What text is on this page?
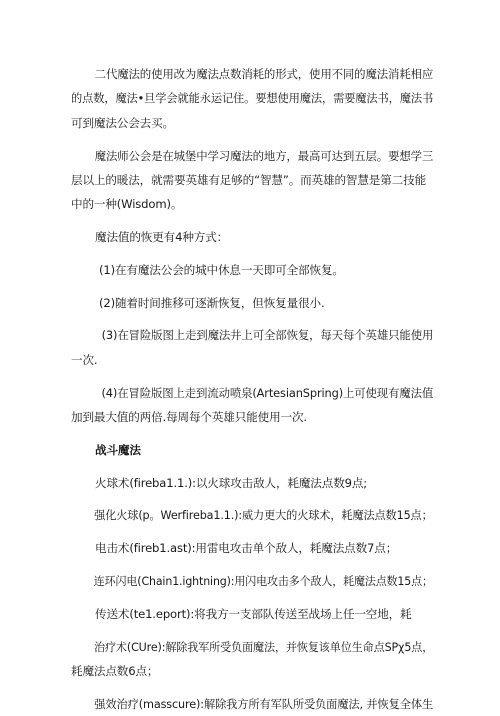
二代魔法的使用改为魔法点数消耗的形式，使用不同的魔法消耗相应
的点数，魔法•旦学会就能永运记住。要想使用魔法，需要魔法书，魔法书
可到魔法公会去买。
魔法师公会是在城堡中学习魔法的地方，最高可达到五层。要想学三
层以上的暖法，就需要英雄有足够的“智慧”。而英雄的智慧是第二技能
中的一种(Wisdom)。
魔法值的恢更有4种方式：
(1)在有魔法公会的城中休息一天即可全部恢复。
(2)随着时间推移可逐渐恢复，但恢复量很小.
(3)在冒险版图上走到魔法井上可全部恢复，每天每个英雄只能使用
一次.
(4)在冒险版图上走到流动喷泉(ArtesianSpring)上可使现有魔法值
加到最大值的两倍.每周每个英雄只能使用一次.
战斗魔法
火球术(fireba1.1.):以火球攻击敌人，耗魔法点数9点;
强化火球(p。Werfireba1.1.):威力更大的火球术，耗魔法点数15点；
电击术(fireb1.ast):用雷电攻击单个敌人，耗魔法点数7点；
连环闪电(Chain1.ightning):用闪电攻击多个敌人，耗魔法点数15点；
传送术(te1.eport):将我方一支部队传送至战场上任一空地，耗
治疗术(CUre):解除我军所受负面魔法，并恢复该单位生命点SPχ5点，
耗魔法点数6点；
强效治疗(masscure):解除我方所有军队所受负面魔法, 并恢复全体生
